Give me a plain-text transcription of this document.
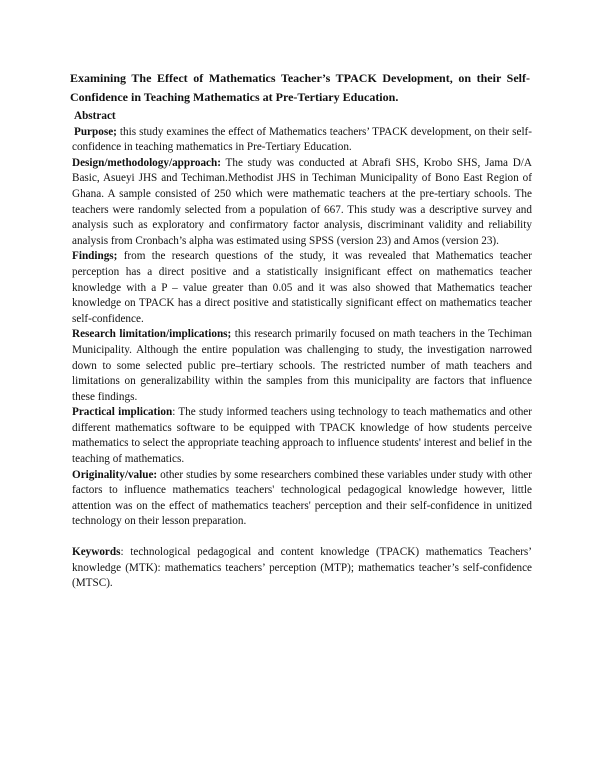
Examining The Effect of Mathematics Teacher’s TPACK Development, on their Self-Confidence in Teaching Mathematics at Pre-Tertiary Education.

Abstract

Purpose; this study examines the effect of Mathematics teachers’ TPACK development, on their self-confidence in teaching mathematics in Pre-Tertiary Education.

Design/methodology/approach: The study was conducted at Abrafi SHS, Krobo SHS, Jama D/A Basic, Asueyi JHS and Techiman.Methodist JHS in Techiman Municipality of Bono East Region of Ghana. A sample consisted of 250 which were mathematic teachers at the pre-tertiary schools. The teachers were randomly selected from a population of 667. This study was a descriptive survey and analysis such as exploratory and confirmatory factor analysis, discriminant validity and reliability analysis from Cronbach’s alpha was estimated using SPSS (version 23) and Amos (version 23).

Findings; from the research questions of the study, it was revealed that Mathematics teacher perception has a direct positive and a statistically insignificant effect on mathematics teacher knowledge with a P – value greater than 0.05 and it was also showed that Mathematics teacher knowledge on TPACK has a direct positive and statistically significant effect on mathematics teacher self-confidence.

Research limitation/implications; this research primarily focused on math teachers in the Techiman Municipality. Although the entire population was challenging to study, the investigation narrowed down to some selected public pre–tertiary schools. The restricted number of math teachers and limitations on generalizability within the samples from this municipality are factors that influence these findings.

Practical implication: The study informed teachers using technology to teach mathematics and other different mathematics software to be equipped with TPACK knowledge of how students perceive mathematics to select the appropriate teaching approach to influence students' interest and belief in the teaching of mathematics.

Originality/value: other studies by some researchers combined these variables under study with other factors to influence mathematics teachers' technological pedagogical knowledge however, little attention was on the effect of mathematics teachers' perception and their self-confidence in unitized technology on their lesson preparation.

Keywords: technological pedagogical and content knowledge (TPACK) mathematics Teachers’ knowledge (MTK): mathematics teachers’ perception (MTP); mathematics teacher’s self-confidence (MTSC).
